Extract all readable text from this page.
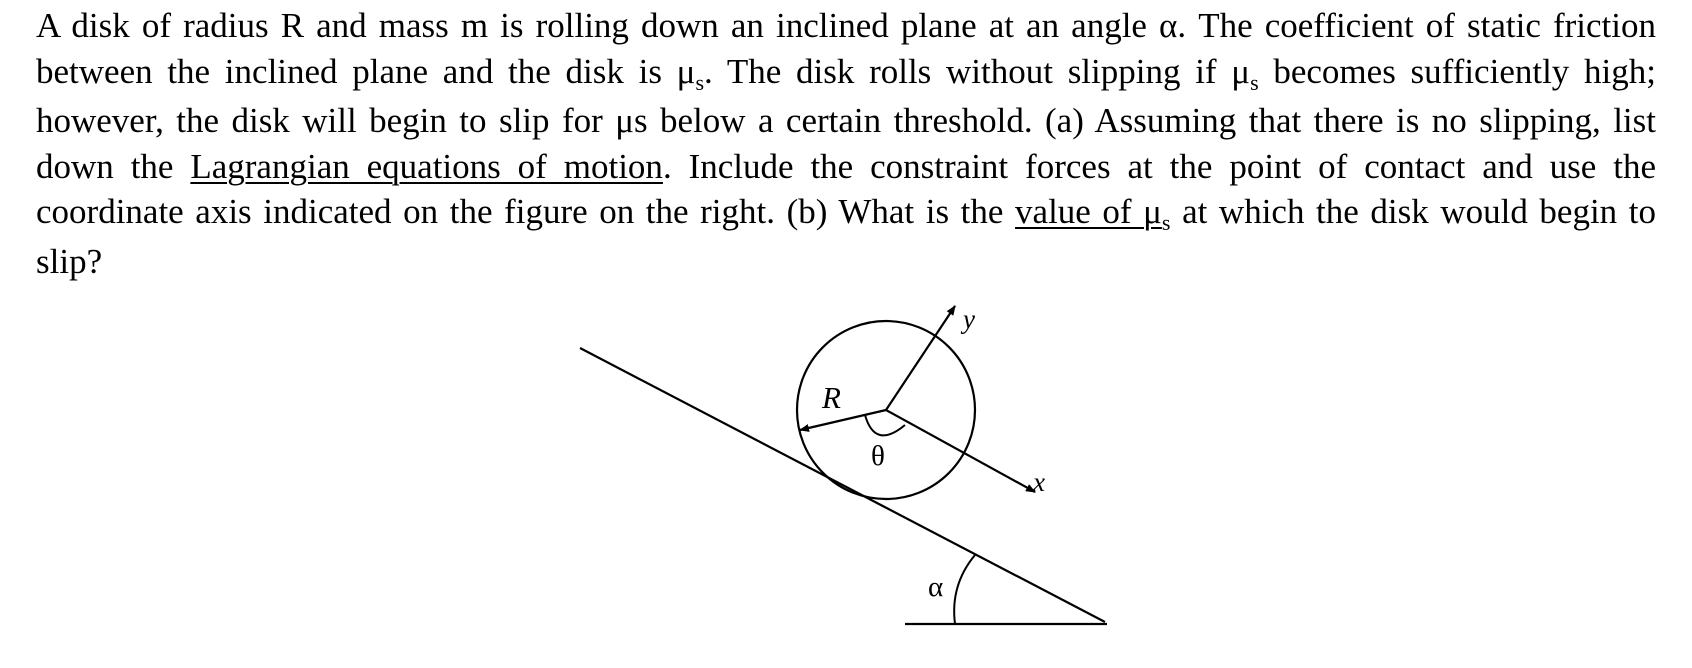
A disk of radius R and mass m is rolling down an inclined plane at an angle α. The coefficient of static friction between the inclined plane and the disk is $\mu_s$. The disk rolls without slipping if $\mu_s$ becomes sufficiently high; however, the disk will begin to slip for μs below a certain threshold. (a) Assuming that there is no slipping, list down the Lagrangian equations of motion. Include the constraint forces at the point of contact and use the coordinate axis indicated on the figure on the right. (b) What is the value of $\mu_s$ at which the disk would begin to slip?

R
θ
α
x
y
